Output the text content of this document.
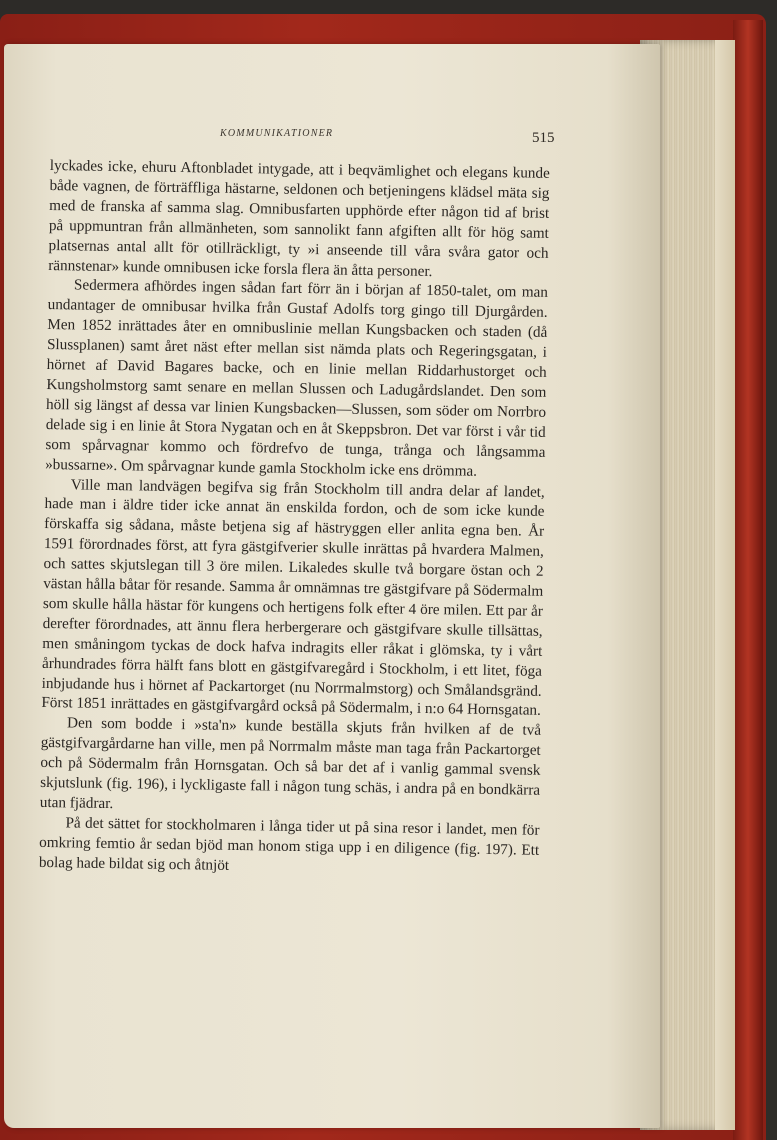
KOMMUNIKATIONER	515

lyckades icke, ehuru Aftonbladet intygade, att i beqvämlighet och elegans kunde både vagnen, de förträffliga hästarne, seldonen och betjeningens klädsel mäta sig med de franska af samma slag. Omnibusfarten upphörde efter någon tid af brist på uppmuntran från allmänheten, som sannolikt fann afgiften allt för hög samt platsernas antal allt för otillräckligt, ty »i anseende till våra svåra gator och rännstenar» kunde omnibusen icke forsla flera än åtta personer.

Sedermera afhördes ingen sådan fart förr än i början af 1850-talet, om man undantager de omnibusar hvilka från Gustaf Adolfs torg gingo till Djurgården. Men 1852 inrättades åter en omnibuslinie mellan Kungsbacken och staden (då Slussplanen) samt året näst efter mellan sist nämda plats och Regeringsgatan, i hörnet af David Bagares backe, och en linie mellan Riddarhustorget och Kungsholmstorg samt senare en mellan Slussen och Ladugårdslandet. Den som höll sig längst af dessa var linien Kungsbacken—Slussen, som söder om Norrbro delade sig i en linie åt Stora Nygatan och en åt Skeppsbron. Det var först i vår tid som spårvagnar kommo och fördrefvo de tunga, trånga och långsamma »bussarne». Om spårvagnar kunde gamla Stockholm icke ens drömma.

Ville man landvägen begifva sig från Stockholm till andra delar af landet, hade man i äldre tider icke annat än enskilda fordon, och de som icke kunde förskaffa sig sådana, måste betjena sig af hästryggen eller anlita egna ben. År 1591 förordnades först, att fyra gästgifverier skulle inrättas på hvardera Malmen, och sattes skjutslegan till 3 öre milen. Likaledes skulle två borgare östan och 2 västan hålla båtar för resande. Samma år omnämnas tre gästgifvare på Södermalm som skulle hålla hästar för kungens och hertigens folk efter 4 öre milen. Ett par år derefter förordnades, att ännu flera herbergerare och gästgifvare skulle tillsättas, men småningom tyckas de dock hafva indragits eller råkat i glömska, ty i vårt århundrades förra hälft fans blott en gästgifvaregård i Stockholm, i ett litet, föga inbjudande hus i hörnet af Packartorget (nu Norrmalmstorg) och Smålandsgränd. Först 1851 inrättades en gästgifvargård också på Södermalm, i n:o 64 Hornsgatan.

Den som bodde i »sta'n» kunde beställa skjuts från hvilken af de två gästgifvargårdarne han ville, men på Norrmalm måste man taga från Packartorget och på Södermalm från Hornsgatan. Och så bar det af i vanlig gammal svensk skjutslunk (fig. 196), i lyckligaste fall i någon tung schäs, i andra på en bondkärra utan fjädrar.

På det sättet for stockholmaren i långa tider ut på sina resor i landet, men för omkring femtio år sedan bjöd man honom stiga upp i en diligence (fig. 197). Ett bolag hade bildat sig och åtnjöt
